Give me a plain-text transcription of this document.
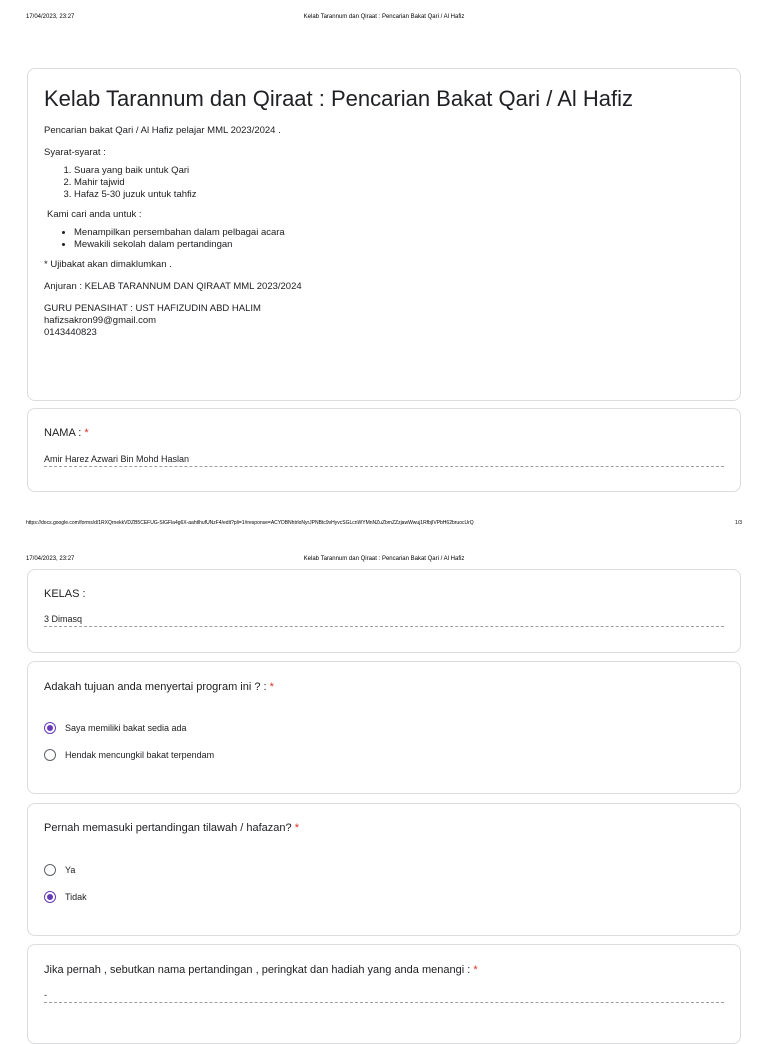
17/04/2023, 23:27	Kelab Tarannum dan Qiraat : Pencarian Bakat Qari / Al Hafiz
Kelab Tarannum dan Qiraat : Pencarian Bakat Qari / Al Hafiz

Pencarian bakat Qari / Al Hafiz pelajar MML 2023/2024 .

Syarat-syarat :

1. Suara yang baik untuk Qari
2. Mahir tajwid
3. Hafaz 5-30 juzuk untuk tahfiz

Kami cari anda untuk :

• Menampilkan persembahan dalam pelbagai acara
• Mewakili sekolah dalam pertandingan

* Ujibakat akan dimaklumkan .

Anjuran : KELAB TARANNUM DAN QIRAAT MML 2023/2024

GURU PENASIHAT : UST HAFIZUDIN ABD HALIM
hafizsakron99@gmail.com
0143440823
NAMA : *
Amir Harez Azwari Bin Mohd Haslan
https://docs.google.com/forms/d/1RXQrnekkVDZB5CEFUG-SIGFla4g6X-aahtlhufUNzF4/edit?pli=1#response=ACYDBNhtrloNyrJPNBtc9vHyvcSGLcnWYMnNZuZbmZZzjawWwuj1RfbjIVPbH62bruocUrQ	1/3
17/04/2023, 23:27	Kelab Tarannum dan Qiraat : Pencarian Bakat Qari / Al Hafiz
KELAS :
3 Dimasq
Adakah tujuan anda menyertai program ini ? : *
Saya memiliki bakat sedia ada
Hendak mencungkil bakat terpendam
Pernah memasuki pertandingan tilawah / hafazan? *
Ya
Tidak
Jika pernah , sebutkan nama pertandingan , peringkat dan hadiah yang anda menangi : *
-
